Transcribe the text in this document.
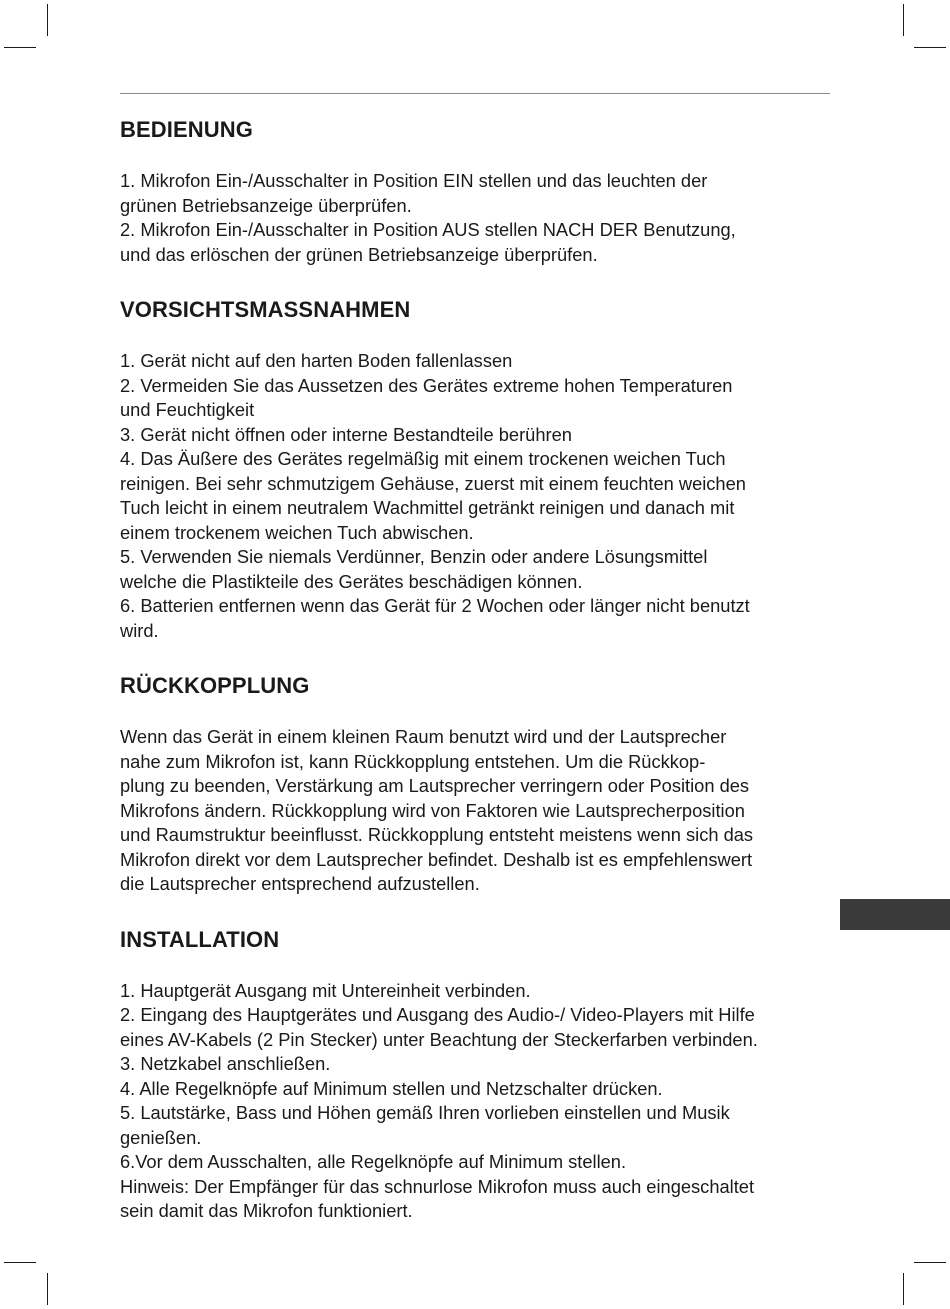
BEDIENUNG

1. Mikrofon Ein-/Ausschalter in Position EIN stellen und das leuchten der

grünen Betriebsanzeige überprüfen.

2. Mikrofon Ein-/Ausschalter in Position AUS stellen NACH DER Benutzung,

und das erlöschen der grünen Betriebsanzeige überprüfen.

VORSICHTSMASSNAHMEN

1. Gerät nicht auf den harten Boden fallenlassen

2. Vermeiden Sie das Aussetzen des Gerätes extreme hohen Temperaturen

und Feuchtigkeit

3. Gerät nicht öffnen oder interne Bestandteile berühren

4. Das Äußere des Gerätes regelmäßig mit einem trockenen weichen Tuch

reinigen. Bei sehr schmutzigem Gehäuse, zuerst mit einem feuchten weichen

Tuch leicht in einem neutralem Wachmittel getränkt reinigen und danach mit

einem trockenem weichen Tuch abwischen.

5. Verwenden Sie niemals Verdünner, Benzin oder andere Lösungsmittel

welche die Plastikteile des Gerätes beschädigen können.

6. Batterien entfernen wenn das Gerät für 2 Wochen oder länger nicht benutzt

wird.

RÜCKKOPPLUNG

Wenn das Gerät in einem kleinen Raum benutzt wird und der Lautsprecher

nahe zum Mikrofon ist, kann Rückkopplung entstehen. Um die Rückkop-

plung zu beenden, Verstärkung am Lautsprecher verringern oder Position des

Mikrofons ändern. Rückkopplung wird von Faktoren wie Lautsprecherposition

und Raumstruktur beeinflusst. Rückkopplung entsteht meistens wenn sich das

Mikrofon direkt vor dem Lautsprecher befindet. Deshalb ist es empfehlenswert

die Lautsprecher entsprechend aufzustellen.

INSTALLATION

1. Hauptgerät Ausgang mit Untereinheit verbinden.

2. Eingang des Hauptgerätes und Ausgang des Audio-/ Video-Players mit Hilfe

eines AV-Kabels (2 Pin Stecker) unter Beachtung der Steckerfarben verbinden.

3. Netzkabel anschließen.

4. Alle Regelknöpfe auf Minimum stellen und Netzschalter drücken.

5. Lautstärke, Bass und Höhen gemäß Ihren vorlieben einstellen und Musik

genießen.

6.Vor dem Ausschalten, alle Regelknöpfe auf Minimum stellen.

Hinweis: Der Empfänger für das schnurlose Mikrofon muss auch eingeschaltet

sein damit das Mikrofon funktioniert.
